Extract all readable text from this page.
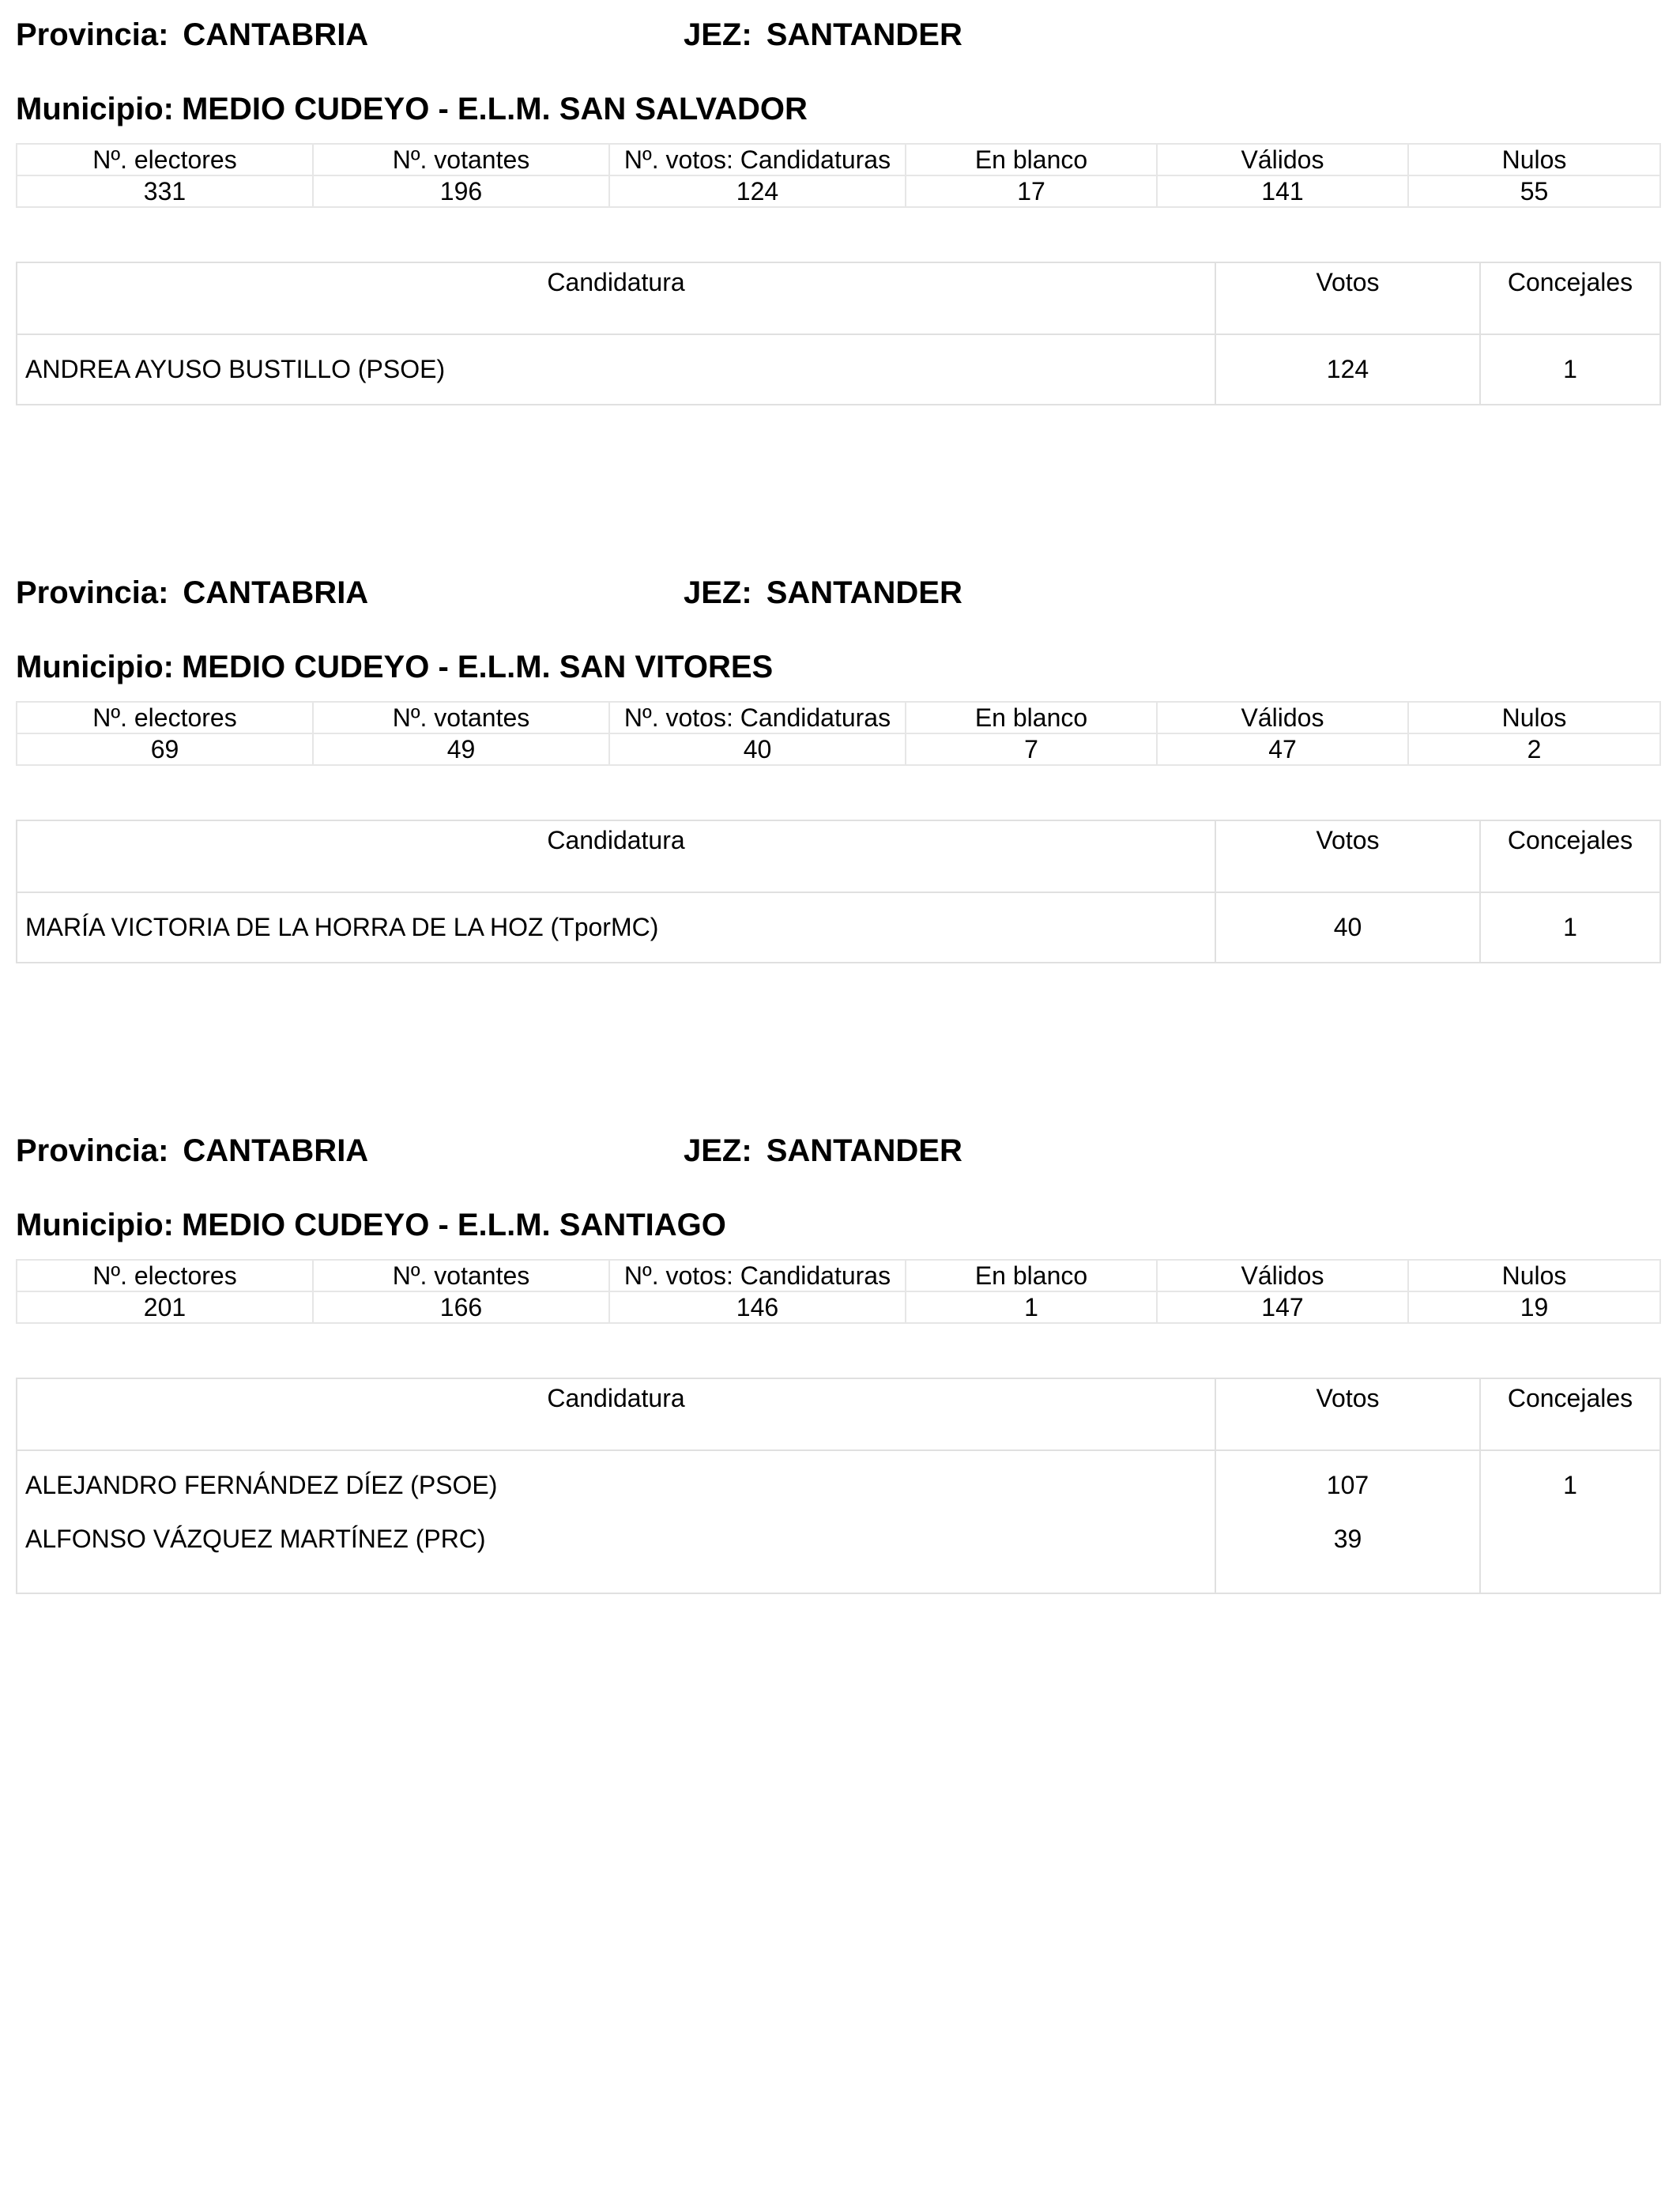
Provincia: CANTABRIA	JEZ: SANTANDER
Municipio: MEDIO CUDEYO - E.L.M. SAN SALVADOR
Nº. electores	Nº. votantes	Nº. votos: Candidaturas	En blanco	Válidos	Nulos
331	196	124	17	141	55
Candidatura	Votos	Concejales
ANDREA AYUSO BUSTILLO (PSOE)	124	1
Provincia: CANTABRIA	JEZ: SANTANDER
Municipio: MEDIO CUDEYO - E.L.M. SAN VITORES
Nº. electores	Nº. votantes	Nº. votos: Candidaturas	En blanco	Válidos	Nulos
69	49	40	7	47	2
Candidatura	Votos	Concejales
MARÍA VICTORIA DE LA HORRA DE LA HOZ (TporMC)	40	1
Provincia: CANTABRIA	JEZ: SANTANDER
Municipio: MEDIO CUDEYO - E.L.M. SANTIAGO
Nº. electores	Nº. votantes	Nº. votos: Candidaturas	En blanco	Válidos	Nulos
201	166	146	1	147	19
Candidatura	Votos	Concejales
ALEJANDRO FERNÁNDEZ DÍEZ (PSOE)	107	1
ALFONSO VÁZQUEZ MARTÍNEZ (PRC)	39	
